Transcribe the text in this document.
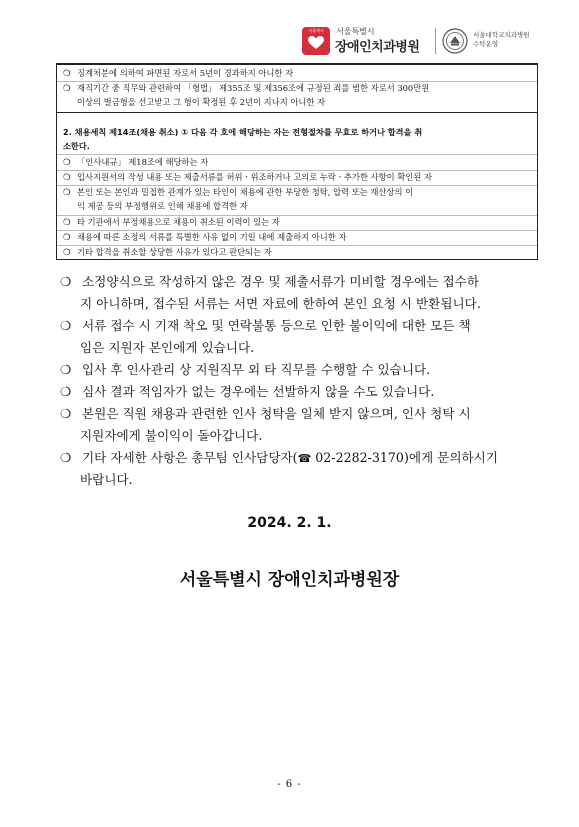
서울에서	서울특별시
장애인치과병원
서울대학교치과병원
수탁운영
❍ 징계처분에 의하여 파면된 자로서 5년이 경과하지 아니한 자
❍ 재직기간 중 직무와 관련하여 「형법」 제355조 및 제356조에 규정된 죄를 범한 자로서 300만원
이상의 벌금형을 선고받고 그 형이 확정된 후 2년이 지나지 아니한 자
2. 채용세칙 제14조(채용 취소) ① 다음 각 호에 해당하는 자는 전형절차를 무효로 하거나 합격을 취
소한다.
❍ 「인사내규」 제18조에 해당하는 자
❍ 입사지원서의 작성 내용 또는 제출서류를 허위ㆍ위조하거나 고의로 누락ㆍ추가한 사항이 확인된 자
❍ 본인 또는 본인과 밀접한 관계가 있는 타인이 채용에 관한 부당한 청탁, 압력 또는 재산상의 이
익 제공 등의 부정행위로 인해 채용에 합격한 자
❍ 타 기관에서 부정채용으로 채용이 취소된 이력이 있는 자
❍ 채용에 따른 소정의 서류를 특별한 사유 없이 기일 내에 제출하지 아니한 자
❍ 기타 합격을 취소할 상당한 사유가 있다고 판단되는 자
❍ 소정양식으로 작성하지 않은 경우 및 제출서류가 미비할 경우에는 접수하
지 아니하며, 접수된 서류는 서면 자료에 한하여 본인 요청 시 반환됩니다.
❍ 서류 접수 시 기재 착오 및 연락불통 등으로 인한 불이익에 대한 모든 책
임은 지원자 본인에게 있습니다.
❍ 입사 후 인사관리 상 지원직무 외 타 직무를 수행할 수 있습니다.
❍ 심사 결과 적임자가 없는 경우에는 선발하지 않을 수도 있습니다.
❍ 본원은 직원 채용과 관련한 인사 청탁을 일체 받지 않으며, 인사 청탁 시
지원자에게 불이익이 돌아갑니다.
❍ 기타 자세한 사항은 총무팀 인사담당자(☎ 02-2282-3170)에게 문의하시기
바랍니다.
2024. 2. 1.
서울특별시 장애인치과병원장
- 6 -
